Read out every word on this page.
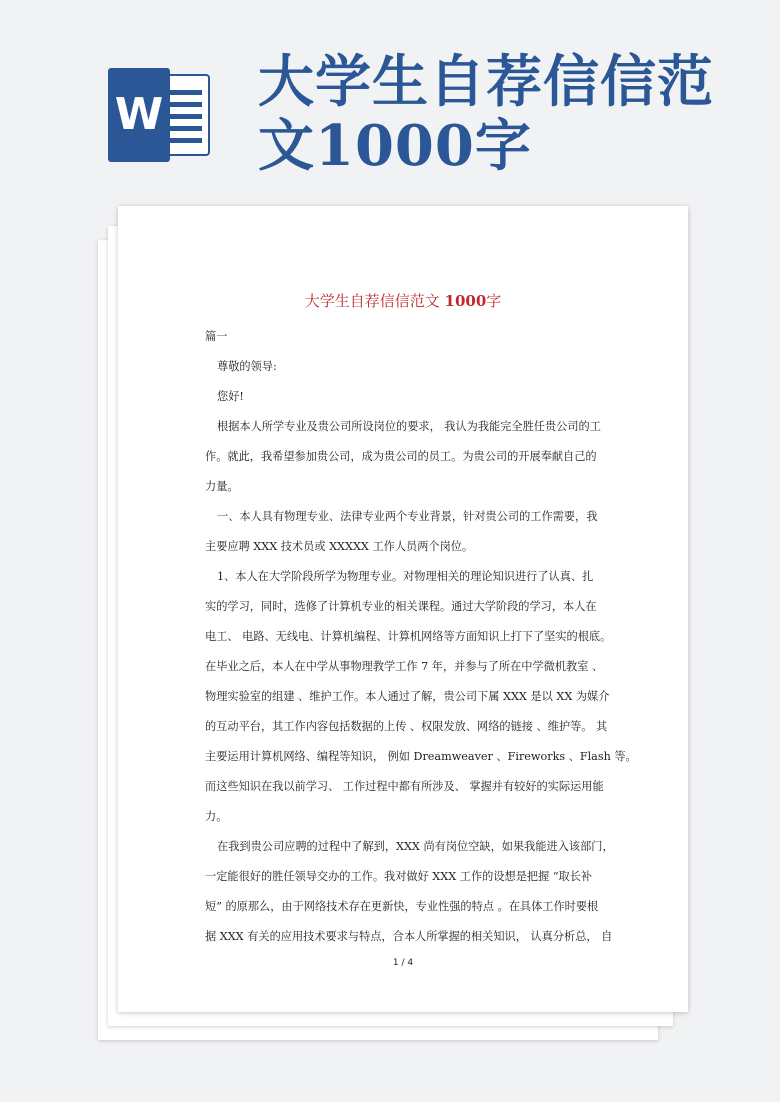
W 大学生自荐信信范
文1000字
大学生自荐信信范文 1000字
篇一
尊敬的领导:
您好!
根据本人所学专业及贵公司所设岗位的要求， 我认为我能完全胜任贵公司的工
作。就此，我希望参加贵公司，成为贵公司的员工。为贵公司的开展奉献自己的
力量。
一、本人具有物理专业、法律专业两个专业背景，针对贵公司的工作需要，我
主要应聘 XXX 技术员或 XXXXX 工作人员两个岗位。
1、本人在大学阶段所学为物理专业。对物理相关的理论知识进行了认真、扎
实的学习，同时，选修了计算机专业的相关课程。通过大学阶段的学习，本人在
电工、 电路、无线电、计算机编程、计算机网络等方面知识上打下了坚实的根底。
在毕业之后，本人在中学从事物理教学工作 7 年，并参与了所在中学微机教室 、
物理实验室的组建 、维护工作。本人通过了解，贵公司下属 XXX 是以 XX 为媒介
的互动平台，其工作内容包括数据的上传 、权限发放、网络的链接 、维护等。 其
主要运用计算机网络、编程等知识， 例如 Dreamweaver 、Fireworks 、Flash 等。
而这些知识在我以前学习、 工作过程中都有所涉及、 掌握并有较好的实际运用能
力。
在我到贵公司应聘的过程中了解到，XXX 尚有岗位空缺，如果我能进入该部门，
一定能很好的胜任领导交办的工作。我对做好 XXX 工作的设想是把握 “取长补
短” 的原那么，由于网络技术存在更新快，专业性强的特点 。在具体工作时要根
据 XXX 有关的应用技术要求与特点，合本人所掌握的相关知识， 认真分析总， 自
1 / 4
